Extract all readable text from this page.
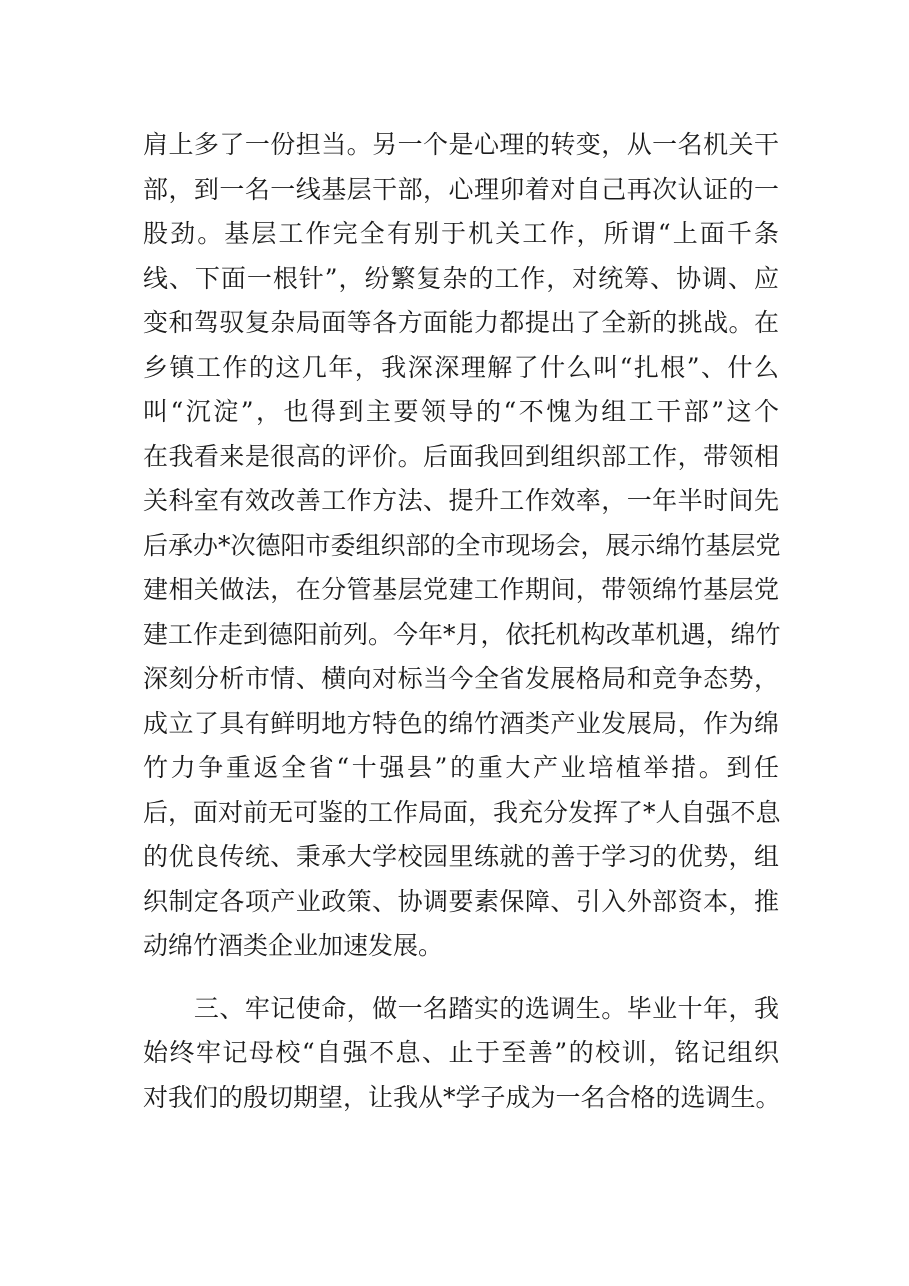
肩上多了一份担当。另一个是心理的转变，从一名机关干
部，到一名一线基层干部，心理卯着对自己再次认证的一
股劲。基层工作完全有别于机关工作，所谓“上面千条
线、下面一根针”，纷繁复杂的工作，对统筹、协调、应
变和驾驭复杂局面等各方面能力都提出了全新的挑战。在
乡镇工作的这几年，我深深理解了什么叫“扎根”、什么
叫“沉淀”，也得到主要领导的“不愧为组工干部”这个
在我看来是很高的评价。后面我回到组织部工作，带领相
关科室有效改善工作方法、提升工作效率，一年半时间先
后承办*次德阳市委组织部的全市现场会，展示绵竹基层党
建相关做法，在分管基层党建工作期间，带领绵竹基层党
建工作走到德阳前列。今年*月，依托机构改革机遇，绵竹
深刻分析市情、横向对标当今全省发展格局和竞争态势，
成立了具有鲜明地方特色的绵竹酒类产业发展局，作为绵
竹力争重返全省“十强县”的重大产业培植举措。到任
后，面对前无可鉴的工作局面，我充分发挥了*人自强不息
的优良传统、秉承大学校园里练就的善于学习的优势，组
织制定各项产业政策、协调要素保障、引入外部资本，推
动绵竹酒类企业加速发展。
　　三、牢记使命，做一名踏实的选调生。毕业十年，我
始终牢记母校“自强不息、止于至善”的校训，铭记组织
对我们的殷切期望，让我从*学子成为一名合格的选调生。
